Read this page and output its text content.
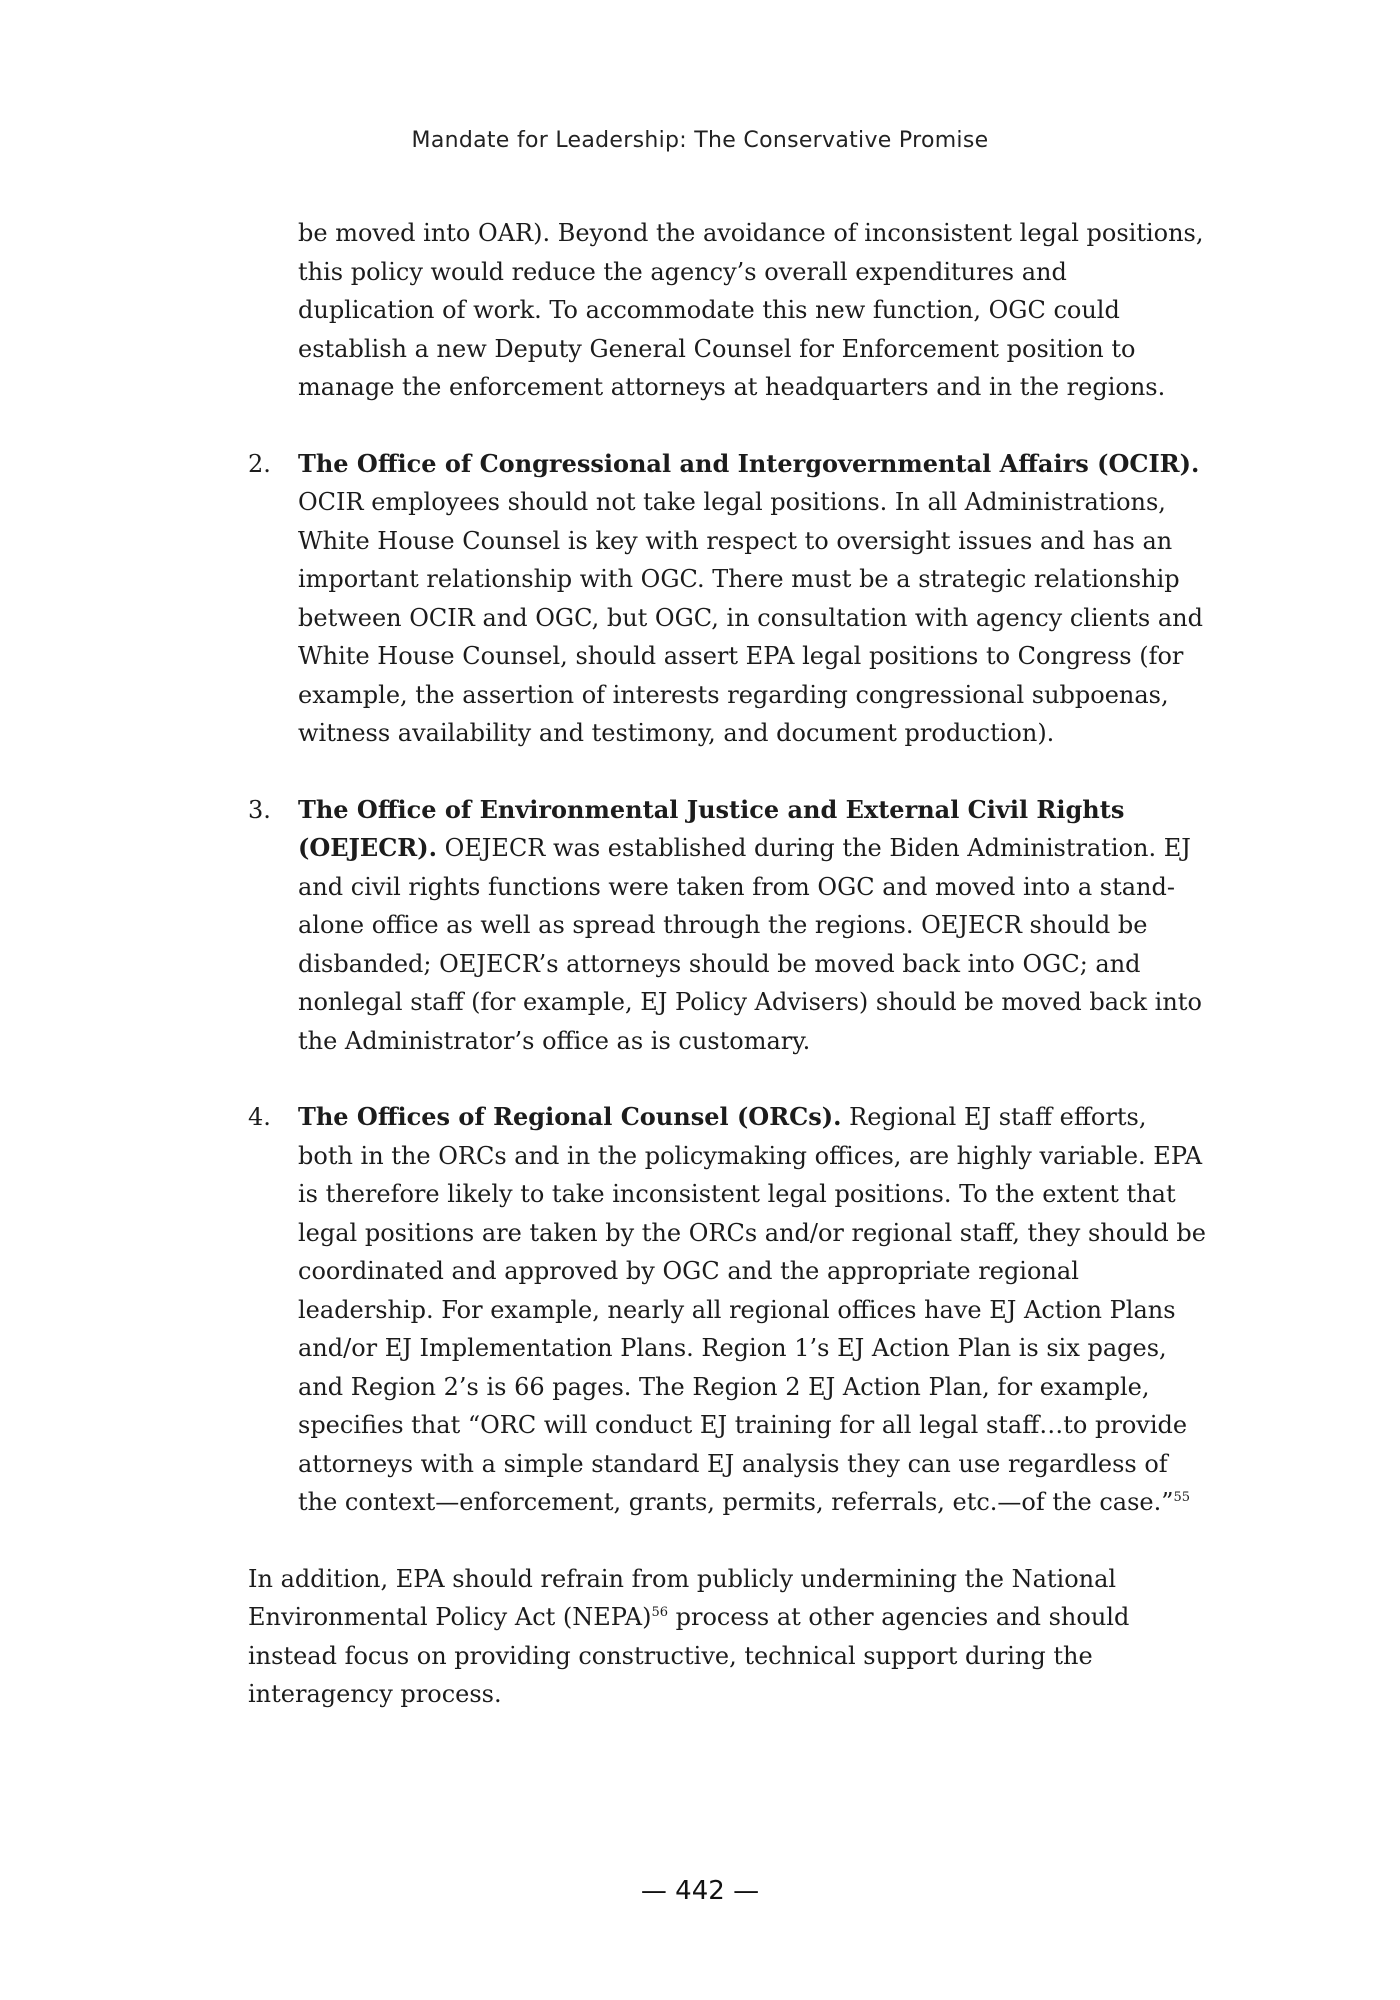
Mandate for Leadership: The Conservative Promise

be moved into OAR). Beyond the avoidance of inconsistent legal positions, this policy would reduce the agency’s overall expenditures and duplication of work. To accommodate this new function, OGC could establish a new Deputy General Counsel for Enforcement position to manage the enforcement attorneys at headquarters and in the regions.

2.	The Office of Congressional and Intergovernmental Affairs (OCIR). OCIR employees should not take legal positions. In all Administrations, White House Counsel is key with respect to oversight issues and has an important relationship with OGC. There must be a strategic relationship between OCIR and OGC, but OGC, in consultation with agency clients and White House Counsel, should assert EPA legal positions to Congress (for example, the assertion of interests regarding congressional subpoenas, witness availability and testimony, and document production).
3.	The Office of Environmental Justice and External Civil Rights (OEJECR). OEJECR was established during the Biden Administration. EJ and civil rights functions were taken from OGC and moved into a stand-alone office as well as spread through the regions. OEJECR should be disbanded; OEJECR’s attorneys should be moved back into OGC; and nonlegal staff (for example, EJ Policy Advisers) should be moved back into the Administrator’s office as is customary.
4.	The Offices of Regional Counsel (ORCs). Regional EJ staff efforts, both in the ORCs and in the policymaking offices, are highly variable. EPA is therefore likely to take inconsistent legal positions. To the extent that legal positions are taken by the ORCs and/or regional staff, they should be coordinated and approved by OGC and the appropriate regional leadership. For example, nearly all regional offices have EJ Action Plans and/or EJ Implementation Plans. Region 1’s EJ Action Plan is six pages, and Region 2’s is 66 pages. The Region 2 EJ Action Plan, for example, specifies that “ORC will conduct EJ training for all legal staff…to provide attorneys with a simple standard EJ analysis they can use regardless of the context—enforcement, grants, permits, referrals, etc.—of the case.”$^{55}$

In addition, EPA should refrain from publicly undermining the National Environmental Policy Act (NEPA)$^{56}$ process at other agencies and should instead focus on providing constructive, technical support during the interagency process.

— 442 —
